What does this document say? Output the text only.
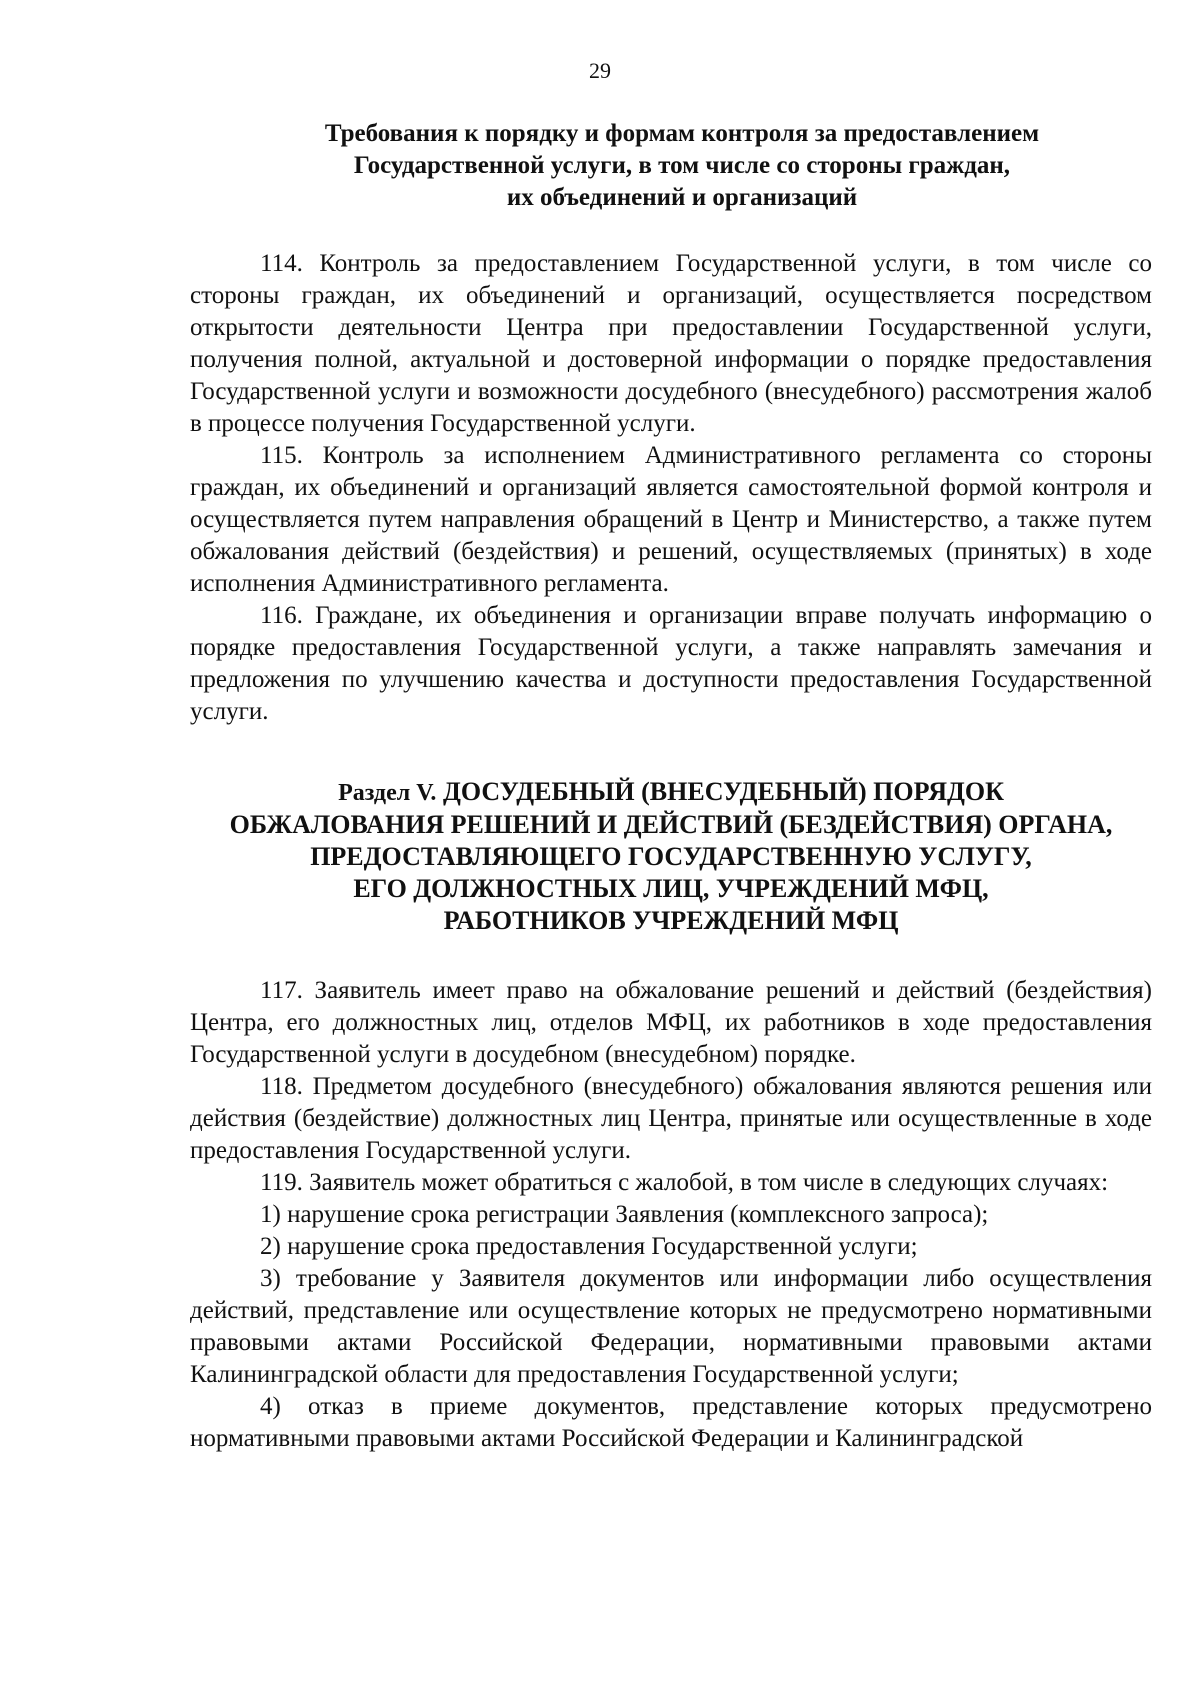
29
Требования к порядку и формам контроля за предоставлением
Государственной услуги, в том числе со стороны граждан,
их объединений и организаций

114. Контроль за предоставлением Государственной услуги, в том числе со стороны граждан, их объединений и организаций, осуществляется посредством открытости деятельности Центра при предоставлении Государственной услуги, получения полной, актуальной и достоверной информации о порядке предоставления Государственной услуги и возможности досудебного (внесудебного) рассмотрения жалоб в процессе получения Государственной услуги.

115. Контроль за исполнением Административного регламента со стороны граждан, их объединений и организаций является самостоятельной формой контроля и осуществляется путем направления обращений в Центр и Министерство, а также путем обжалования действий (бездействия) и решений, осуществляемых (принятых) в ходе исполнения Административного регламента.

116. Граждане, их объединения и организации вправе получать информацию о порядке предоставления Государственной услуги, а также направлять замечания и предложения по улучшению качества и доступности предоставления Государственной услуги.

Раздел V. ДОСУДЕБНЫЙ (ВНЕСУДЕБНЫЙ) ПОРЯДОК
ОБЖАЛОВАНИЯ РЕШЕНИЙ И ДЕЙСТВИЙ (БЕЗДЕЙСТВИЯ) ОРГАНА,
ПРЕДОСТАВЛЯЮЩЕГО ГОСУДАРСТВЕННУЮ УСЛУГУ,
ЕГО ДОЛЖНОСТНЫХ ЛИЦ, УЧРЕЖДЕНИЙ МФЦ,
РАБОТНИКОВ УЧРЕЖДЕНИЙ МФЦ

117. Заявитель имеет право на обжалование решений и действий (бездействия) Центра, его должностных лиц, отделов МФЦ, их работников в ходе предоставления Государственной услуги в досудебном (внесудебном) порядке.

118. Предметом досудебного (внесудебного) обжалования являются решения или действия (бездействие) должностных лиц Центра, принятые или осуществленные в ходе предоставления Государственной услуги.

119. Заявитель может обратиться с жалобой, в том числе в следующих случаях:

1) нарушение срока регистрации Заявления (комплексного запроса);

2) нарушение срока предоставления Государственной услуги;

3) требование у Заявителя документов или информации либо осуществления действий, представление или осуществление которых не предусмотрено нормативными правовыми актами Российской Федерации, нормативными правовыми актами Калининградской области для предоставления Государственной услуги;

4) отказ в приеме документов, представление которых предусмотрено нормативными правовыми актами Российской Федерации и Калининградской
